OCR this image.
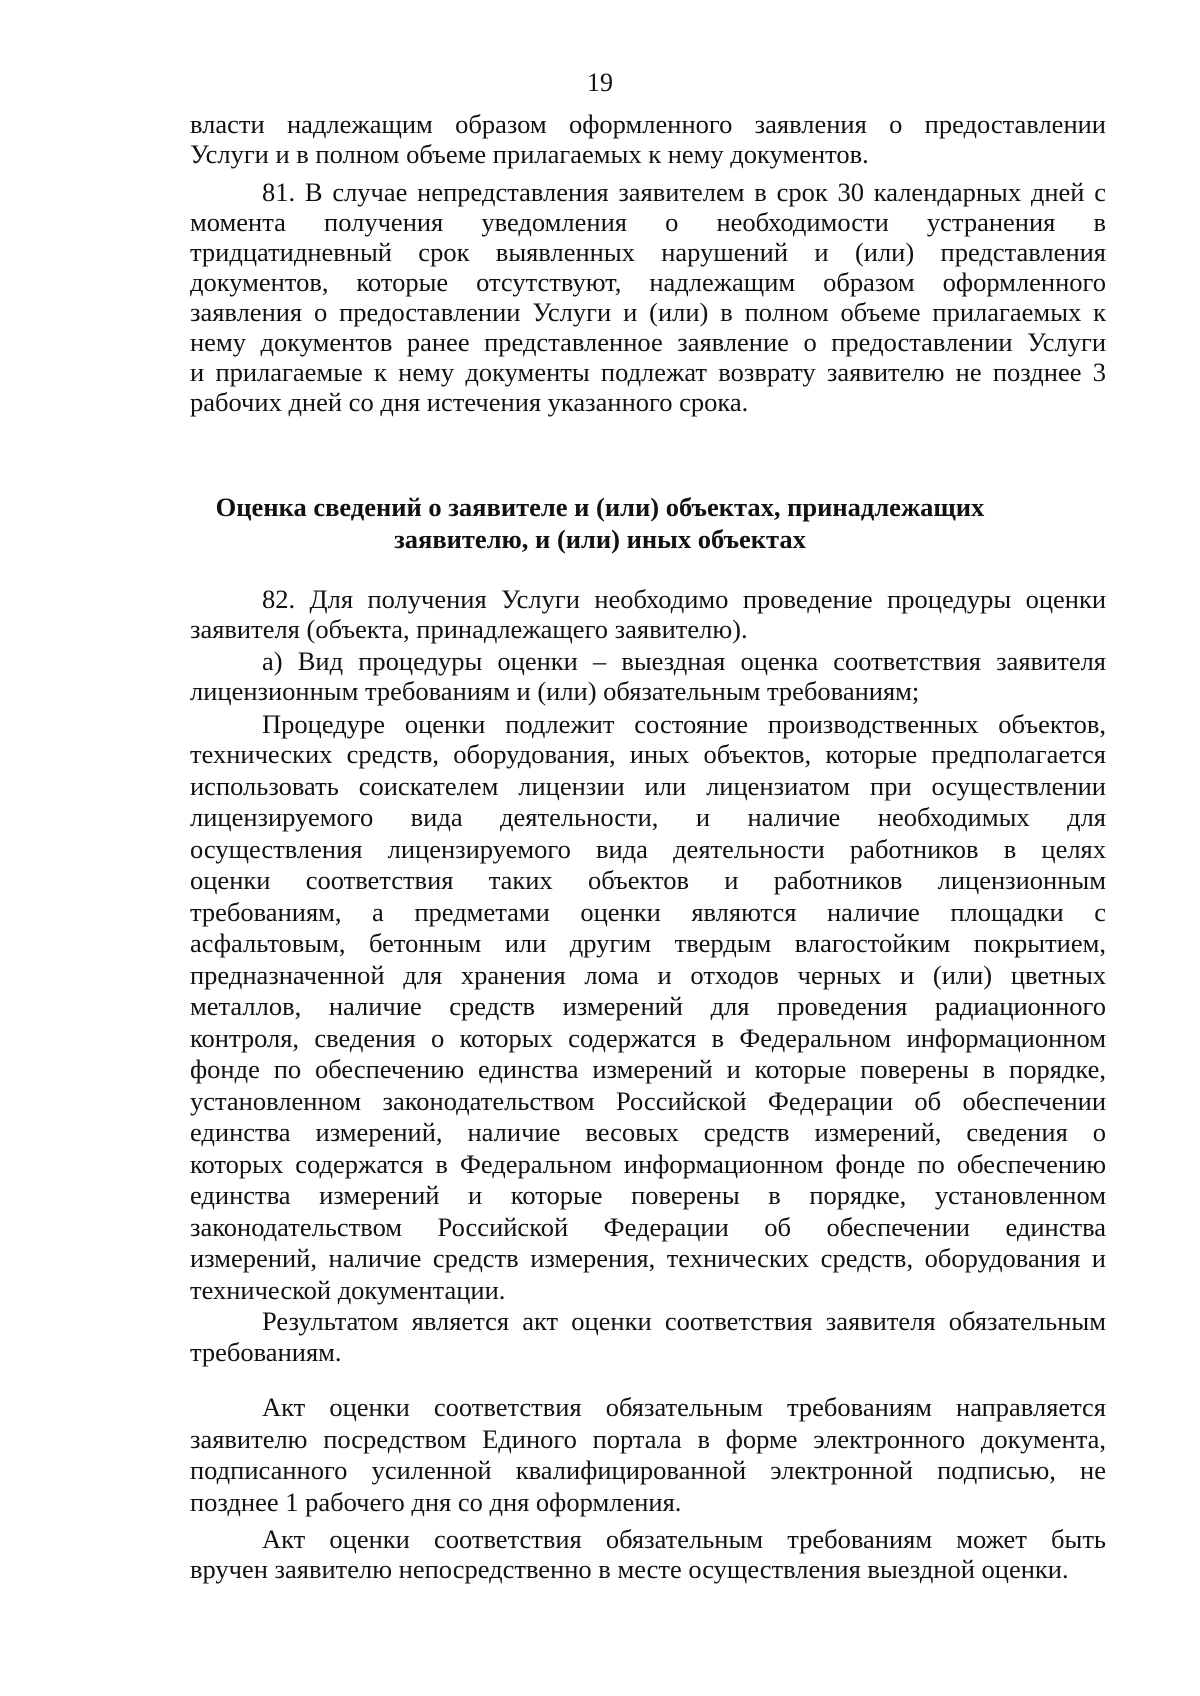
19
власти надлежащим образом оформленного заявления о предоставлении
Услуги и в полном объеме прилагаемых к нему документов.
81. В случае непредставления заявителем в срок 30 календарных дней с
момента получения уведомления о необходимости устранения в
тридцатидневный срок выявленных нарушений и (или) представления
документов, которые отсутствуют, надлежащим образом оформленного
заявления о предоставлении Услуги и (или) в полном объеме прилагаемых к
нему документов ранее представленное заявление о предоставлении Услуги
и прилагаемые к нему документы подлежат возврату заявителю не позднее 3
рабочих дней со дня истечения указанного срока.
Оценка сведений о заявителе и (или) объектах, принадлежащих
заявителю, и (или) иных объектах
82. Для получения Услуги необходимо проведение процедуры оценки
заявителя (объекта, принадлежащего заявителю).
а) Вид процедуры оценки – выездная оценка соответствия заявителя
лицензионным требованиям и (или) обязательным требованиям;
Процедуре оценки подлежит состояние производственных объектов,
технических средств, оборудования, иных объектов, которые предполагается
использовать соискателем лицензии или лицензиатом при осуществлении
лицензируемого вида деятельности, и наличие необходимых для
осуществления лицензируемого вида деятельности работников в целях
оценки соответствия таких объектов и работников лицензионным
требованиям, а предметами оценки являются наличие площадки с
асфальтовым, бетонным или другим твердым влагостойким покрытием,
предназначенной для хранения лома и отходов черных и (или) цветных
металлов, наличие средств измерений для проведения радиационного
контроля, сведения о которых содержатся в Федеральном информационном
фонде по обеспечению единства измерений и которые поверены в порядке,
установленном законодательством Российской Федерации об обеспечении
единства измерений, наличие весовых средств измерений, сведения о
которых содержатся в Федеральном информационном фонде по обеспечению
единства измерений и которые поверены в порядке, установленном
законодательством Российской Федерации об обеспечении единства
измерений, наличие средств измерения, технических средств, оборудования и
технической документации.
Результатом является акт оценки соответствия заявителя обязательным
требованиям.
Акт оценки соответствия обязательным требованиям направляется
заявителю посредством Единого портала в форме электронного документа,
подписанного усиленной квалифицированной электронной подписью, не
позднее 1 рабочего дня со дня оформления.
Акт оценки соответствия обязательным требованиям может быть
вручен заявителю непосредственно в месте осуществления выездной оценки.
